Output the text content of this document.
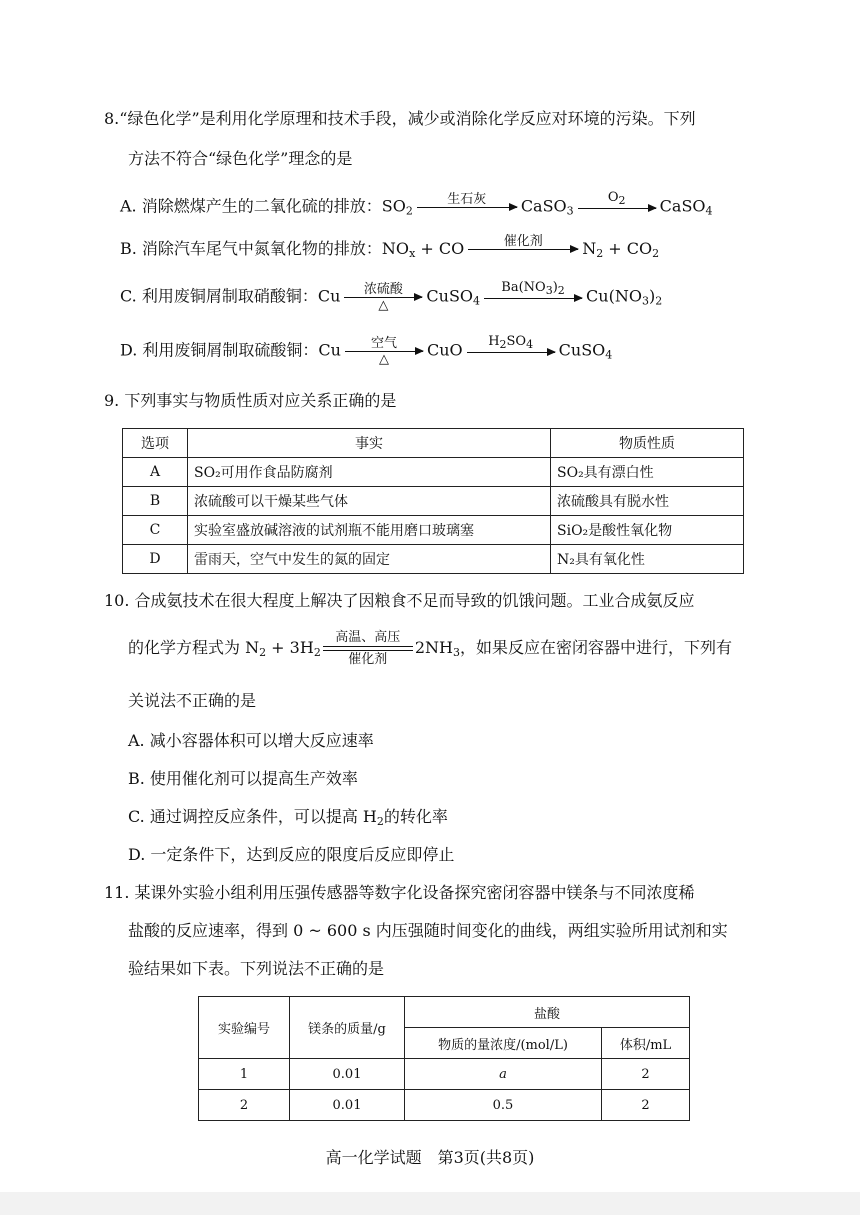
8.“绿色化学”是利用化学原理和技术手段，减少或消除化学反应对环境的污染。下列
方法不符合“绿色化学”理念的是
A. 消除燃煤产生的二氧化硫的排放：$SO_2$
生石灰
	CaSO$_3$
$O_2$
	CaSO$_4$
B. 消除汽车尾气中氮氧化物的排放：$NO_x$ + CO	催化剂
	$N_2 + CO_2$
C. 利用废铜屑制取硝酸铜：Cu	浓硫酸
△	CuSO$_4$
$Ba(NO_3)_2$
	$Cu(NO_3)_2$
D. 利用废铜屑制取硫酸铜：Cu	空气
△	CuO	$H_2SO_4$
	CuSO$_4$
9. 下列事实与物质性质对应关系正确的是
选项	事实	物质性质
A	SO₂可用作食品防腐剂	SO₂具有漂白性
B	浓硫酸可以干燥某些气体	浓硫酸具有脱水性
C	实验室盛放碱溶液的试剂瓶不能用磨口玻璃塞	SiO₂是酸性氧化物
D	雷雨天，空气中发生的氮的固定	N₂具有氧化性
10. 合成氨技术在很大程度上解决了因粮食不足而导致的饥饿问题。工业合成氨反应
的化学方程式为 $N_2 + 3H_2$
高温、高压
催化剂
$2NH_3$，如果反应在密闭容器中进行，下列有
关说法不正确的是
A. 减小容器体积可以增大反应速率
B. 使用催化剂可以提高生产效率
C. 通过调控反应条件，可以提高 $H_2$的转化率
D. 一定条件下，达到反应的限度后反应即停止
11. 某课外实验小组利用压强传感器等数字化设备探究密闭容器中镁条与不同浓度稀
盐酸的反应速率，得到 0 ~ 600 s 内压强随时间变化的曲线，两组实验所用试剂和实
验结果如下表。下列说法不正确的是
实验编号	镁条的质量/g	盐酸	
		物质的量浓度/(mol/L)	体积/mL
1	0.01	a	2
2	0.01	0.5	2
高一化学试题　第3页(共8页)
